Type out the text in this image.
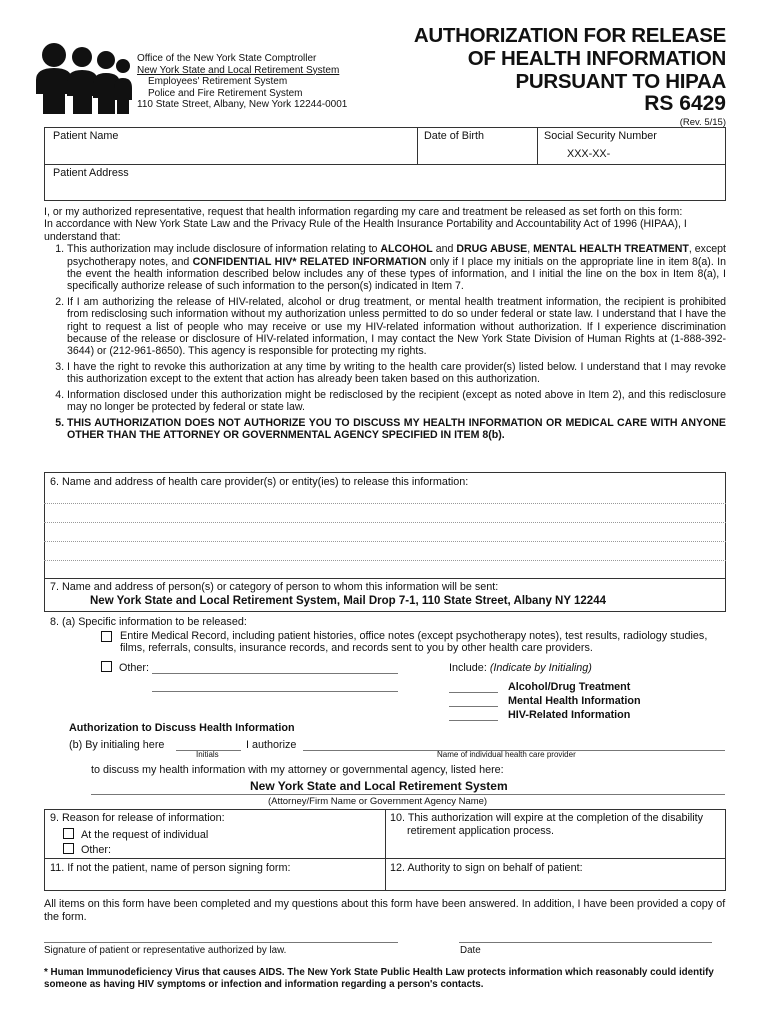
Office of the New York State Comptroller
New York State and Local Retirement System
Employees' Retirement System
Police and Fire Retirement System
110 State Street, Albany, New York 12244-0001
AUTHORIZATION FOR RELEASE
OF HEALTH INFORMATION
PURSUANT TO HIPAA
RS 6429
(Rev. 5/15)
Patient Name	Date of Birth	Social Security Number
XXX-XX-
Patient Address
I, or my authorized representative, request that health information regarding my care and treatment be released as set forth on this form:
In accordance with New York State Law and the Privacy Rule of the Health Insurance Portability and Accountability Act of 1996 (HIPAA), I understand that:
1. This authorization may include disclosure of information relating to ALCOHOL and DRUG ABUSE, MENTAL HEALTH TREATMENT, except psychotherapy notes, and CONFIDENTIAL HIV* RELATED INFORMATION only if I place my initials on the appropriate line in item 8(a). In the event the health information described below includes any of these types of information, and I initial the line on the box in Item 8(a), I specifically authorize release of such information to the person(s) indicated in Item 7.
2. If I am authorizing the release of HIV-related, alcohol or drug treatment, or mental health treatment information, the recipient is prohibited from redisclosing such information without my authorization unless permitted to do so under federal or state law. I understand that I have the right to request a list of people who may receive or use my HIV-related information without authorization. If I experience discrimination because of the release or disclosure of HIV-related information, I may contact the New York State Division of Human Rights at (1-888-392-3644) or (212-961-8650). This agency is responsible for protecting my rights.
3. I have the right to revoke this authorization at any time by writing to the health care provider(s) listed below. I understand that I may revoke this authorization except to the extent that action has already been taken based on this authorization.
4. Information disclosed under this authorization might be redisclosed by the recipient (except as noted above in Item 2), and this redisclosure may no longer be protected by federal or state law.
5. THIS AUTHORIZATION DOES NOT AUTHORIZE YOU TO DISCUSS MY HEALTH INFORMATION OR MEDICAL CARE WITH ANYONE OTHER THAN THE ATTORNEY OR GOVERNMENTAL AGENCY SPECIFIED IN ITEM 8(b).
6. Name and address of health care provider(s) or entity(ies) to release this information:
7. Name and address of person(s) or category of person to whom this information will be sent:
New York State and Local Retirement System, Mail Drop 7-1, 110 State Street, Albany NY 12244
8. (a) Specific information to be released:
Entire Medical Record, including patient histories, office notes (except psychotherapy notes), test results, radiology studies, films, referrals, consults, insurance records, and records sent to you by other health care providers.
Other:	Include: (Indicate by Initialing)
Alcohol/Drug Treatment
Mental Health Information
HIV-Related Information
Authorization to Discuss Health Information
(b) By initialing here
Initials
I authorize
Name of individual health care provider
to discuss my health information with my attorney or governmental agency, listed here:
New York State and Local Retirement System
(Attorney/Firm Name or Government Agency Name)
9. Reason for release of information:
At the request of individual
Other:
10. This authorization will expire at the completion of the disability
retirement application process.
11. If not the patient, name of person signing form:	12. Authority to sign on behalf of patient:
All items on this form have been completed and my questions about this form have been answered. In addition, I have been provided a copy of the form.
Signature of patient or representative authorized by law.	Date
* Human Immunodeficiency Virus that causes AIDS. The New York State Public Health Law protects information which reasonably could identify someone as having HIV symptoms or infection and information regarding a person's contacts.
